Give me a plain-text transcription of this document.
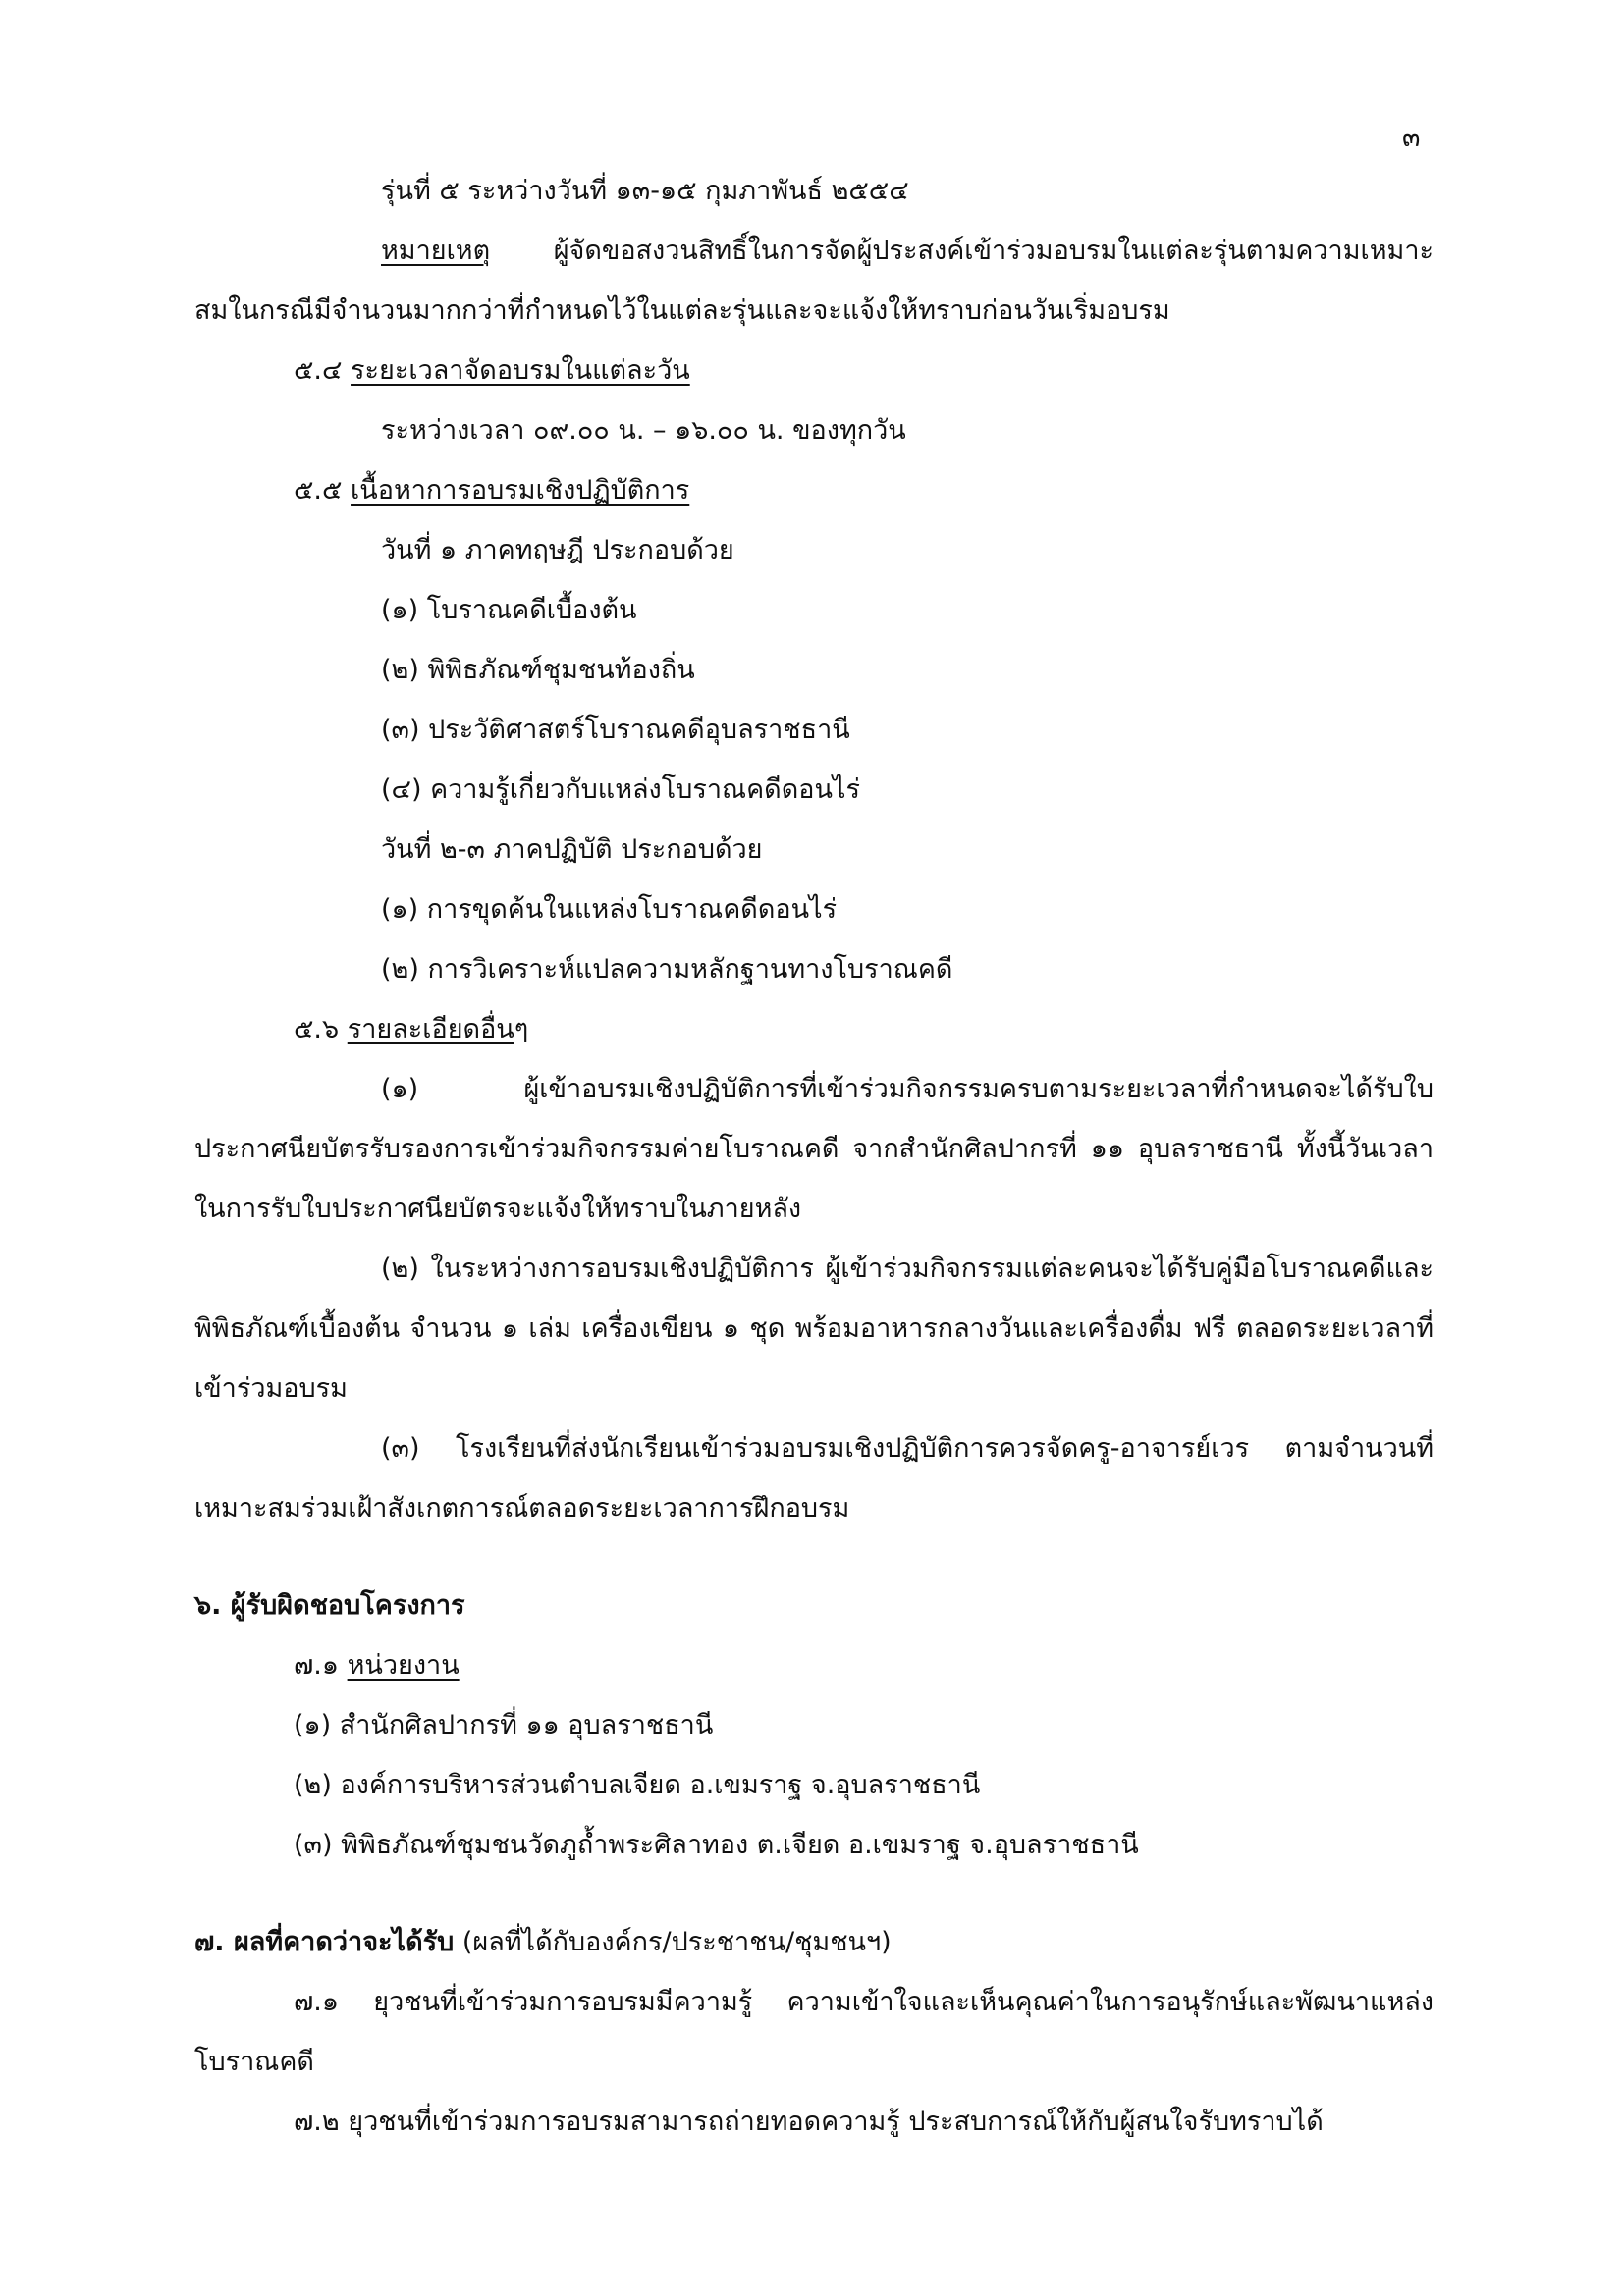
๓

รุ่นที่ ๕ ระหว่างวันที่ ๑๓-๑๕ กุมภาพันธ์ ๒๕๕๔

หมายเหตุ ผู้จัดขอสงวนสิทธิ์ในการจัดผู้ประสงค์เข้าร่วมอบรมในแต่ละรุ่นตามความเหมาะสมในกรณีมีจำนวนมากกว่าที่กำหนดไว้ในแต่ละรุ่นและจะแจ้งให้ทราบก่อนวันเริ่มอบรม

๕.๔ ระยะเวลาจัดอบรมในแต่ละวัน

ระหว่างเวลา ๐๙.๐๐ น. – ๑๖.๐๐ น. ของทุกวัน

๕.๕ เนื้อหาการอบรมเชิงปฏิบัติการ

วันที่ ๑ ภาคทฤษฎี ประกอบด้วย

(๑) โบราณคดีเบื้องต้น

(๒) พิพิธภัณฑ์ชุมชนท้องถิ่น

(๓) ประวัติศาสตร์โบราณคดีอุบลราชธานี

(๔) ความรู้เกี่ยวกับแหล่งโบราณคดีดอนไร่

วันที่ ๒-๓ ภาคปฏิบัติ ประกอบด้วย

(๑) การขุดค้นในแหล่งโบราณคดีดอนไร่

(๒) การวิเคราะห์แปลความหลักฐานทางโบราณคดี

๕.๖ รายละเอียดอื่นๆ

(๑) ผู้เข้าอบรมเชิงปฏิบัติการที่เข้าร่วมกิจกรรมครบตามระยะเวลาที่กำหนดจะได้รับใบประกาศนียบัตรรับรองการเข้าร่วมกิจกรรมค่ายโบราณคดี จากสำนักศิลปากรที่ ๑๑ อุบลราชธานี ทั้งนี้วันเวลา ในการรับใบประกาศนียบัตรจะแจ้งให้ทราบในภายหลัง

(๒) ในระหว่างการอบรมเชิงปฏิบัติการ ผู้เข้าร่วมกิจกรรมแต่ละคนจะได้รับคู่มือโบราณคดีและพิพิธภัณฑ์เบื้องต้น จำนวน ๑ เล่ม เครื่องเขียน ๑ ชุด พร้อมอาหารกลางวันและเครื่องดื่ม ฟรี ตลอดระยะเวลาที่เข้าร่วมอบรม

(๓) โรงเรียนที่ส่งนักเรียนเข้าร่วมอบรมเชิงปฏิบัติการควรจัดครู-อาจารย์เวร ตามจำนวนที่เหมาะสมร่วมเฝ้าสังเกตการณ์ตลอดระยะเวลาการฝึกอบรม

๖. ผู้รับผิดชอบโครงการ

๗.๑ หน่วยงาน

(๑) สำนักศิลปากรที่ ๑๑ อุบลราชธานี

(๒) องค์การบริหารส่วนตำบลเจียด อ.เขมราฐ จ.อุบลราชธานี

(๓) พิพิธภัณฑ์ชุมชนวัดภูถ้ำพระศิลาทอง ต.เจียด อ.เขมราฐ จ.อุบลราชธานี

๗. ผลที่คาดว่าจะได้รับ (ผลที่ได้กับองค์กร/ประชาชน/ชุมชนฯ)

๗.๑ ยุวชนที่เข้าร่วมการอบรมมีความรู้ ความเข้าใจและเห็นคุณค่าในการอนุรักษ์และพัฒนาแหล่งโบราณคดี

๗.๒ ยุวชนที่เข้าร่วมการอบรมสามารถถ่ายทอดความรู้ ประสบการณ์ให้กับผู้สนใจรับทราบได้
